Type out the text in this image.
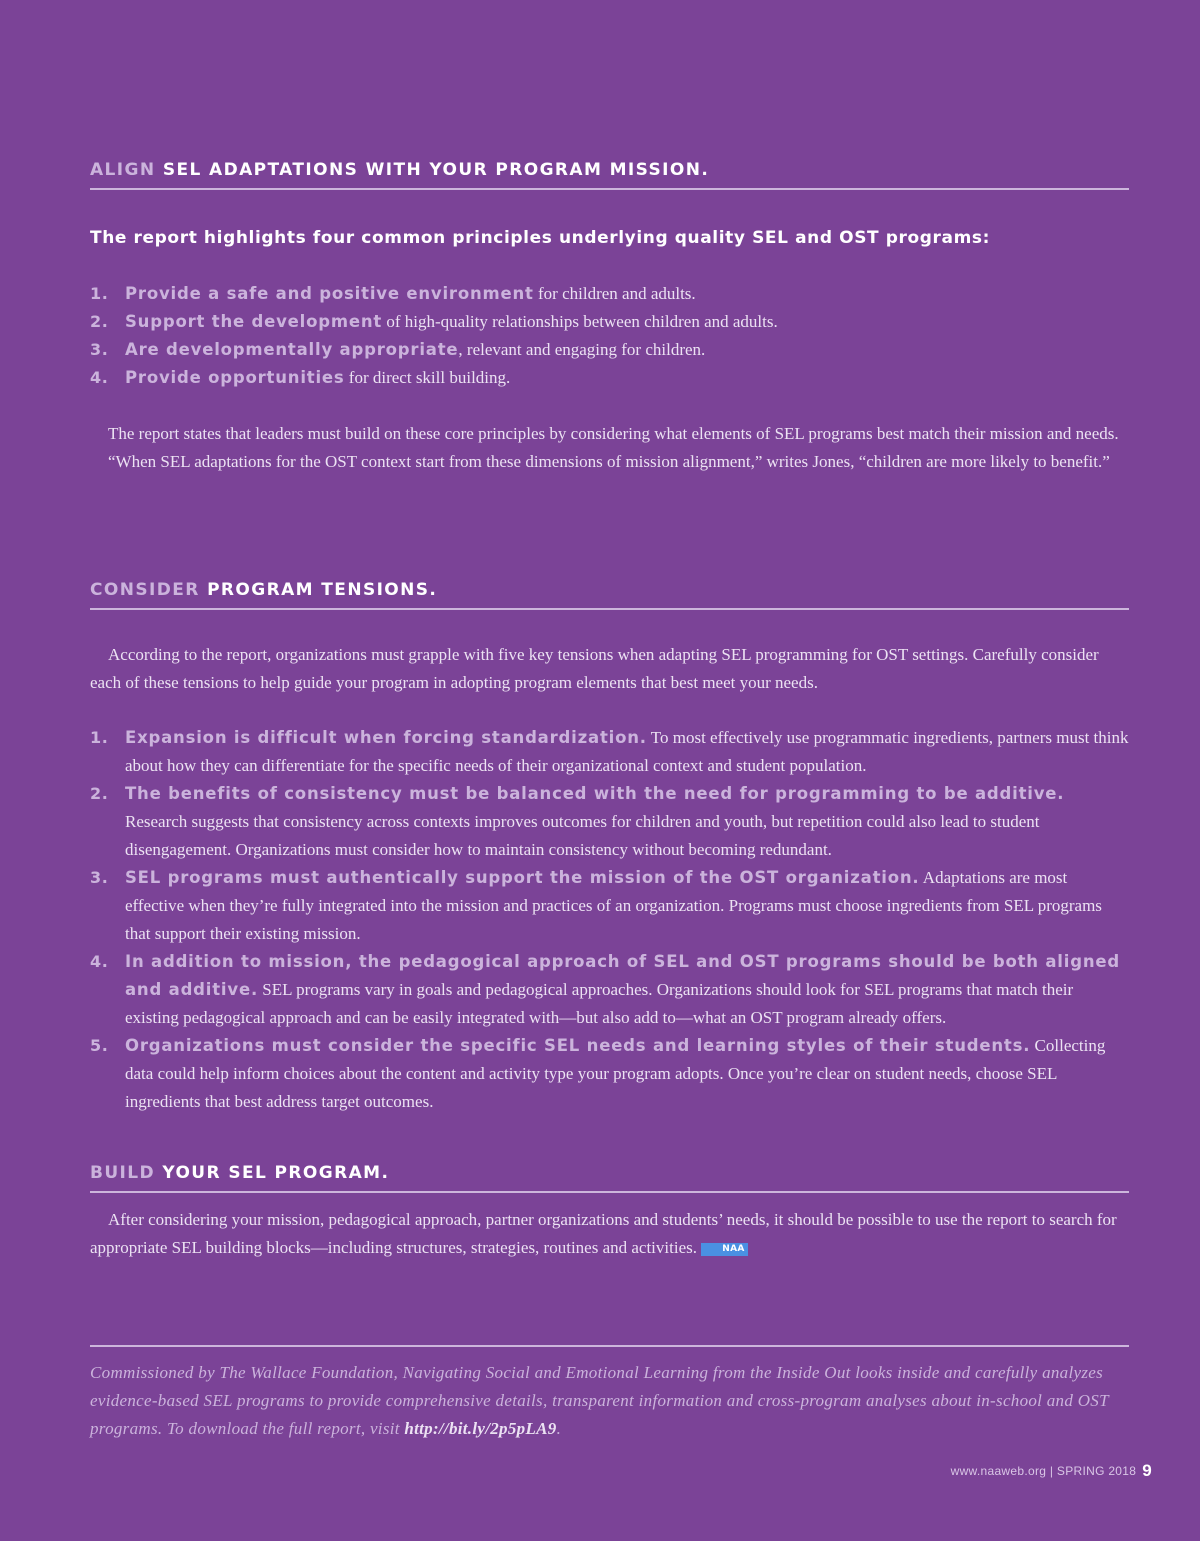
ALIGN SEL ADAPTATIONS WITH YOUR PROGRAM MISSION.
The report highlights four common principles underlying quality SEL and OST programs:
1. Provide a safe and positive environment for children and adults.
2. Support the development of high-quality relationships between children and adults.
3. Are developmentally appropriate, relevant and engaging for children.
4. Provide opportunities for direct skill building.

The report states that leaders must build on these core principles by considering what elements of SEL programs best match their mission and needs.

“When SEL adaptations for the OST context start from these dimensions of mission alignment,” writes Jones, “children are more likely to benefit.”

CONSIDER PROGRAM TENSIONS.

According to the report, organizations must grapple with five key tensions when adapting SEL programming for OST settings. Carefully consider each of these tensions to help guide your program in adopting program elements that best meet your needs.

1. Expansion is difficult when forcing standardization. To most effectively use programmatic ingredients, partners must think about how they can differentiate for the specific needs of their organizational context and student population.
2. The benefits of consistency must be balanced with the need for programming to be additive. Research suggests that consistency across contexts improves outcomes for children and youth, but repetition could also lead to student disengagement. Organizations must consider how to maintain consistency without becoming redundant.
3. SEL programs must authentically support the mission of the OST organization. Adaptations are most effective when they’re fully integrated into the mission and practices of an organization. Programs must choose ingredients from SEL programs that support their existing mission.
4. In addition to mission, the pedagogical approach of SEL and OST programs should be both aligned and additive. SEL programs vary in goals and pedagogical approaches. Organizations should look for SEL programs that match their existing pedagogical approach and can be easily integrated with—but also add to—what an OST program already offers.
5. Organizations must consider the specific SEL needs and learning styles of their students. Collecting data could help inform choices about the content and activity type your program adopts. Once you’re clear on student needs, choose SEL ingredients that best address target outcomes.
BUILD YOUR SEL PROGRAM.

After considering your mission, pedagogical approach, partner organizations and students’ needs, it should be possible to use the report to search for appropriate SEL building blocks—including structures, strategies, routines and activities. NAA

Commissioned by The Wallace Foundation, Navigating Social and Emotional Learning from the Inside Out looks inside and carefully analyzes evidence-based SEL programs to provide comprehensive details, transparent information and cross-program analyses about in-school and OST programs. To download the full report, visit http://bit.ly/2p5pLA9.

www.naaweb.org | SPRING 2018 9
